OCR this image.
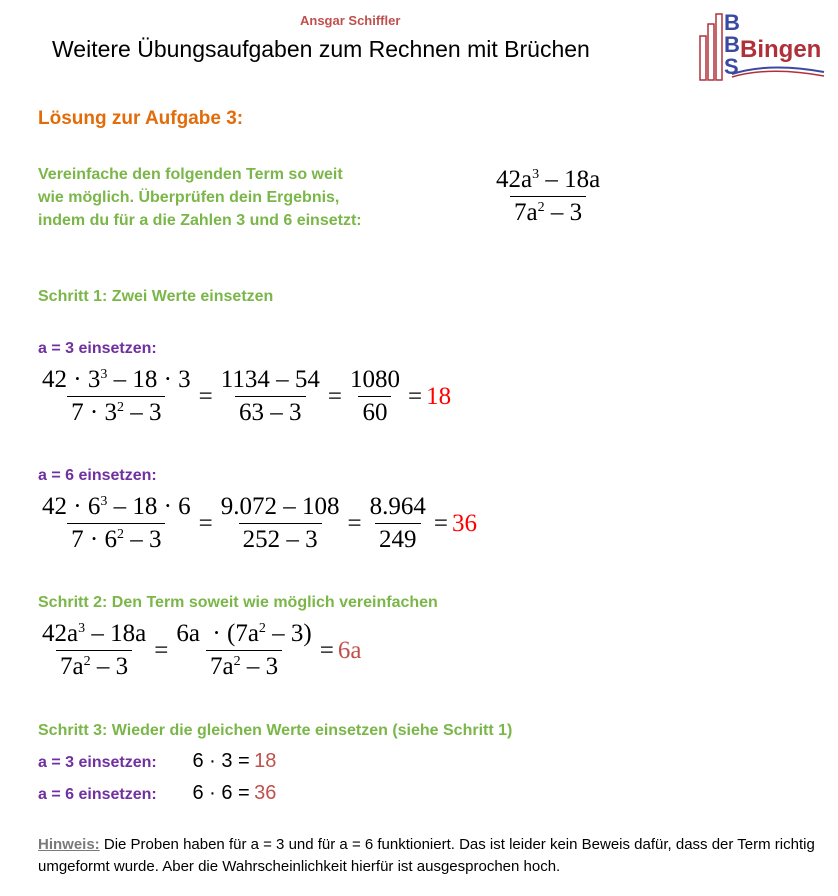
Ansgar Schiffler
Weitere Übungsaufgaben zum Rechnen mit Brüchen
B
B
S
Bingen
Lösung zur Aufgabe 3:
Vereinfache den folgenden Term so weit
wie möglich. Überprüfen dein Ergebnis,
indem du für a die Zahlen 3 und 6 einsetzt:	$\frac{42a^3 - 18a}{7a^2 - 3}$
Schritt 1: Zwei Werte einsetzen
a = 3 einsetzen:
$\frac{42 \cdot 3^3 - 18 \cdot 3}{7 \cdot 3^2 - 3} = \frac{1134 - 54}{63 - 3} = \frac{1080}{60} = 18$
a = 6 einsetzen:
$\frac{42 \cdot 6^3 - 18 \cdot 6}{7 \cdot 6^2 - 3} = \frac{9.072 - 108}{252 - 3} = \frac{8.964}{249} = 36$
Schritt 2: Den Term soweit wie möglich vereinfachen
$\frac{42a^3 - 18a}{7a^2 - 3} = \frac{6a \cdot (7a^2 - 3)}{7a^2 - 3} = 6a$
Schritt 3: Wieder die gleichen Werte einsetzen (siehe Schritt 1)
a = 3 einsetzen: 6 · 3 = 18
a = 6 einsetzen: 6 · 6 = 36
Hinweis: Die Proben haben für a = 3 und für a = 6 funktioniert. Das ist leider kein Beweis dafür, dass der Term richtig umgeformt wurde. Aber die Wahrscheinlichkeit hierfür ist ausgesprochen hoch.
